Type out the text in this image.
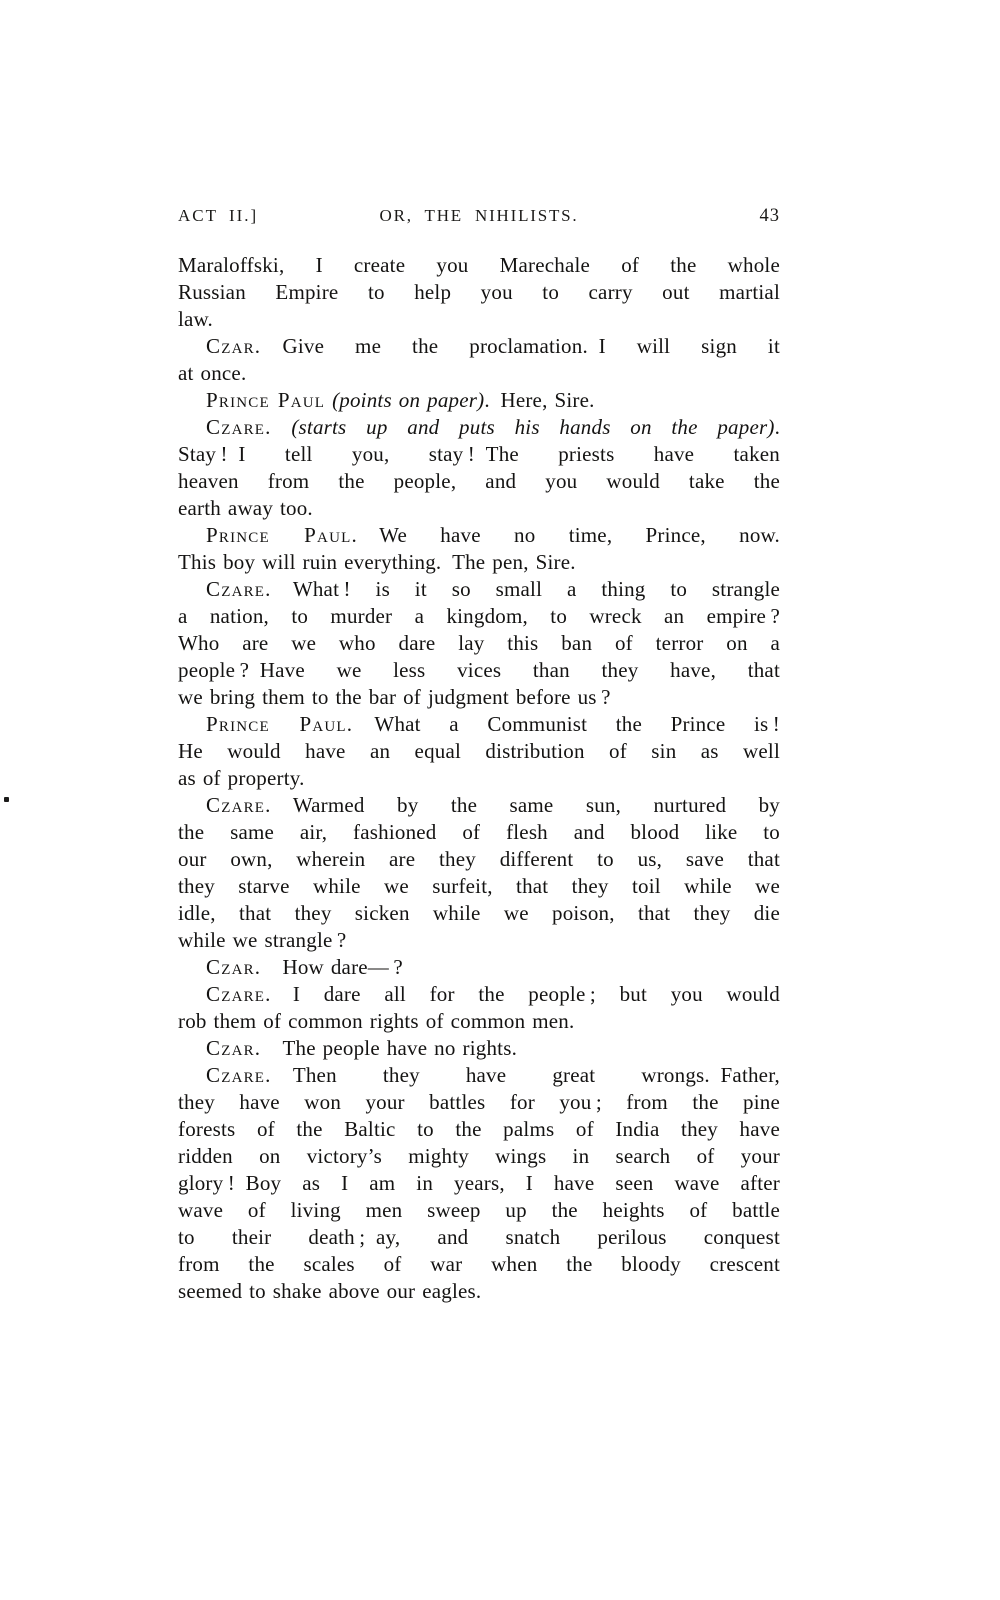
ACT II.]	OR, THE NIHILISTS.	43
Maraloffski, I create you Marechale of the whole
Russian Empire to help you to carry out martial
law.
Czar. Give me the proclamation. I will sign it
at once.
Prince Paul (points on paper). Here, Sire.
Czare. (starts up and puts his hands on the paper).
Stay ! I tell you, stay ! The priests have taken
heaven from the people, and you would take the
earth away too.
Prince Paul. We have no time, Prince, now.
This boy will ruin everything. The pen, Sire.
Czare. What ! is it so small a thing to strangle
a nation, to murder a kingdom, to wreck an empire ?
Who are we who dare lay this ban of terror on a
people ? Have we less vices than they have, that
we bring them to the bar of judgment before us ?
Prince Paul. What a Communist the Prince is !
He would have an equal distribution of sin as well
as of property.
Czare. Warmed by the same sun, nurtured by
the same air, fashioned of flesh and blood like to
our own, wherein are they different to us, save that
they starve while we surfeit, that they toil while we
idle, that they sicken while we poison, that they die
while we strangle ?
Czar. How dare— ?
Czare. I dare all for the people ; but you would
rob them of common rights of common men.
Czar. The people have no rights.
Czare. Then they have great wrongs. Father,
they have won your battles for you ; from the pine
forests of the Baltic to the palms of India they have
ridden on victory’s mighty wings in search of your
glory ! Boy as I am in years, I have seen wave after
wave of living men sweep up the heights of battle
to their death ; ay, and snatch perilous conquest
from the scales of war when the bloody crescent
seemed to shake above our eagles.
